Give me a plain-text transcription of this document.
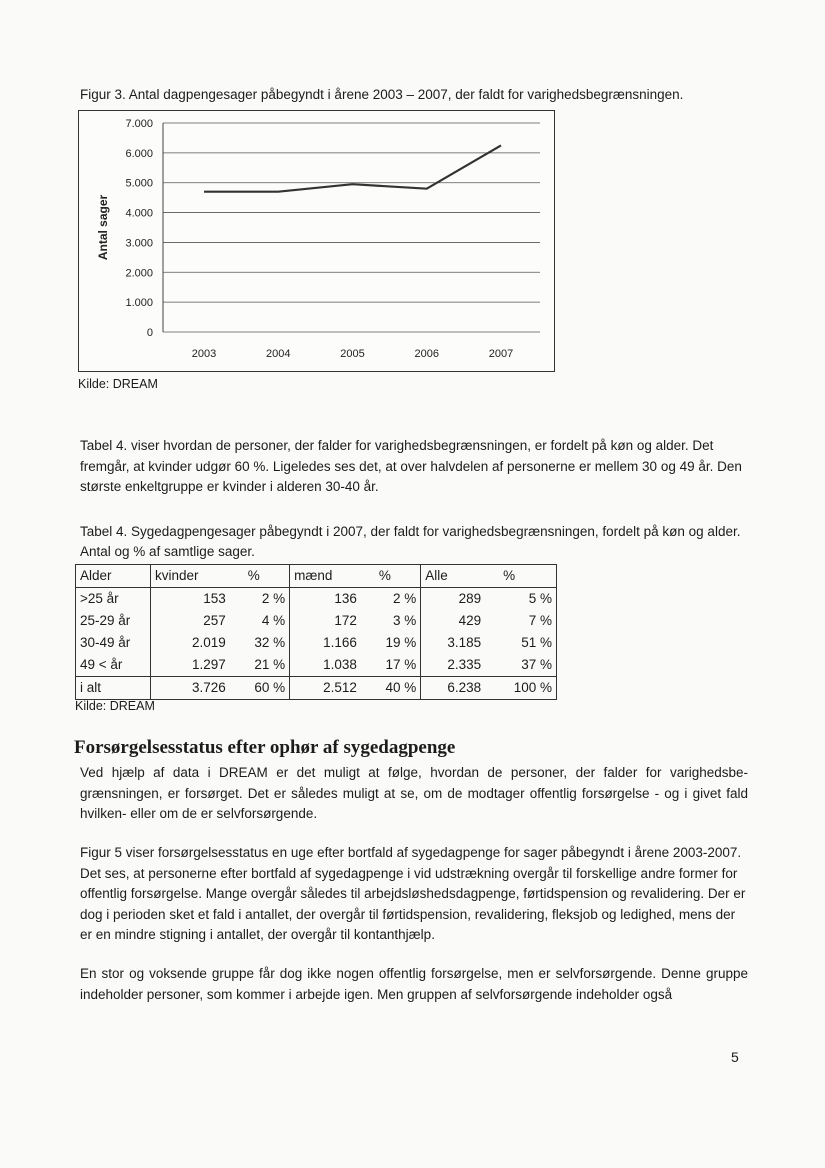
Figur 3. Antal dagpengesager påbegyndt i årene 2003 – 2007, der faldt for varighedsbegrænsningen.
0
1.000
2.000
3.000
4.000
5.000
6.000
7.000
2003	2004	2005	2006	2007
Antal sager
Kilde: DREAM

Tabel 4. viser hvordan de personer, der falder for varighedsbegrænsningen, er fordelt på køn og alder. Det fremgår, at kvinder udgør 60 %. Ligeledes ses det, at over halvdelen af personerne er mellem 30 og 49 år. Den største enkeltgruppe er kvinder i alderen 30-40 år.

Tabel 4. Sygedagpengesager påbegyndt i 2007, der faldt for varighedsbegrænsningen, fordelt på køn og alder. Antal og % af samtlige sager.
Alder	kvinder	%	mænd	%	Alle	%
>25 år	153	2 %	136	2 %	289	5 %
25-29 år	257	4 %	172	3 %	429	7 %
30-49 år	2.019	32 %	1.166	19 %	3.185	51 %
49 < år	1.297	21 %	1.038	17 %	2.335	37 %
i alt	3.726	60 %	2.512	40 %	6.238	100 %
Kilde: DREAM
Forsørgelsesstatus efter ophør af sygedagpenge

Ved hjælp af data i DREAM er det muligt at følge, hvordan de personer, der falder for varighedsbe-grænsningen, er forsørget. Det er således muligt at se, om de modtager offentlig forsørgelse - og i givet fald hvilken- eller om de er selvforsørgende.

Figur 5 viser forsørgelsesstatus en uge efter bortfald af sygedagpenge for sager påbegyndt i årene 2003-2007. Det ses, at personerne efter bortfald af sygedagpenge i vid udstrækning overgår til forskellige andre former for offentlig forsørgelse. Mange overgår således til arbejdsløshedsdagpenge, førtidspension og revalidering. Der er dog i perioden sket et fald i antallet, der overgår til førtidspension, revalidering, fleksjob og ledighed, mens der er en mindre stigning i antallet, der overgår til kontanthjælp.

En stor og voksende gruppe får dog ikke nogen offentlig forsørgelse, men er selvforsørgende. Denne gruppe indeholder personer, som kommer i arbejde igen. Men gruppen af selvforsørgende indeholder også

5
